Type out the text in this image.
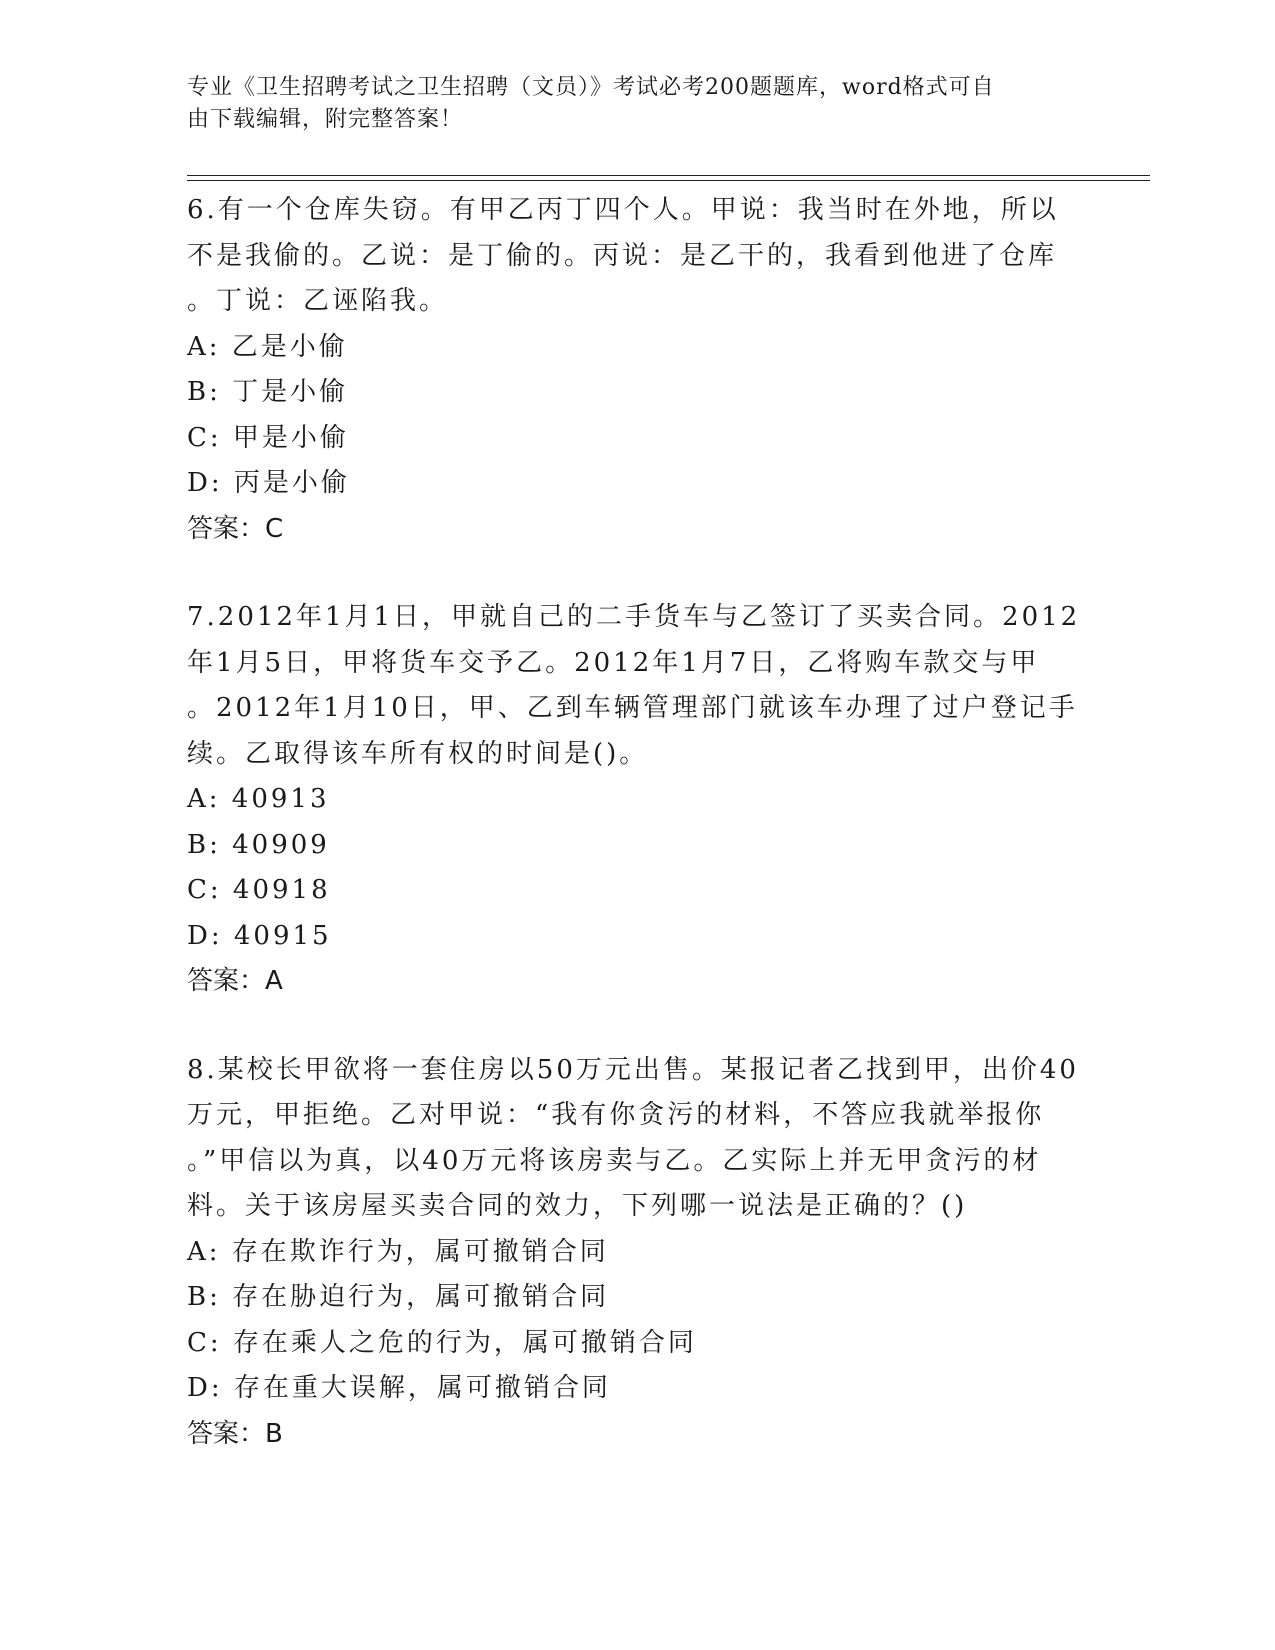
专业《卫生招聘考试之卫生招聘（文员）》考试必考200题题库，word格式可自
由下载编辑，附完整答案！
6.有一个仓库失窃。有甲乙丙丁四个人。甲说：我当时在外地，所以
不是我偷的。乙说：是丁偷的。丙说：是乙干的，我看到他进了仓库
。丁说：乙诬陷我。
A: 乙是小偷
B: 丁是小偷
C: 甲是小偷
D: 丙是小偷
答案：C
7.2012年1月1日，甲就自己的二手货车与乙签订了买卖合同。2012
年1月5日，甲将货车交予乙。2012年1月7日，乙将购车款交与甲
。2012年1月10日，甲、乙到车辆管理部门就该车办理了过户登记手
续。乙取得该车所有权的时间是()。
A: 40913
B: 40909
C: 40918
D: 40915
答案：A
8.某校长甲欲将一套住房以50万元出售。某报记者乙找到甲，出价40
万元，甲拒绝。乙对甲说：“我有你贪污的材料，不答应我就举报你
。”甲信以为真，以40万元将该房卖与乙。乙实际上并无甲贪污的材
料。关于该房屋买卖合同的效力，下列哪一说法是正确的？()
A: 存在欺诈行为，属可撤销合同
B: 存在胁迫行为，属可撤销合同
C: 存在乘人之危的行为，属可撤销合同
D: 存在重大误解，属可撤销合同
答案：B
